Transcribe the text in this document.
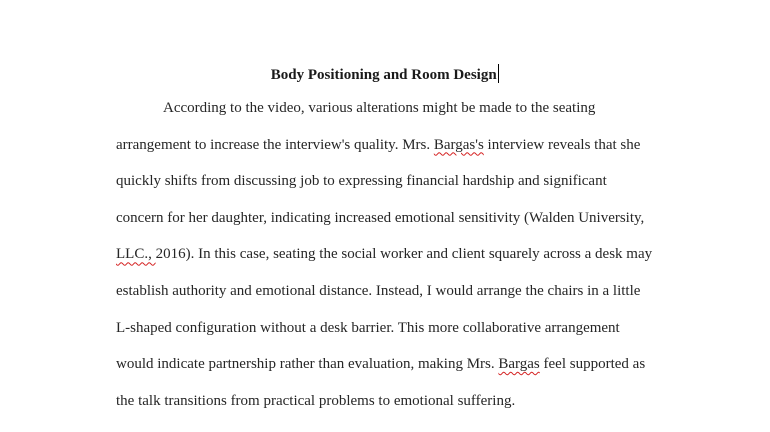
Body Positioning and Room Design
According to the video, various alterations might be made to the seating
arrangement to increase the interview's quality. Mrs. Bargas's interview reveals that she
quickly shifts from discussing job to expressing financial hardship and significant
concern for her daughter, indicating increased emotional sensitivity (Walden University,
LLC., 2016). In this case, seating the social worker and client squarely across a desk may
establish authority and emotional distance. Instead, I would arrange the chairs in a little
L-shaped configuration without a desk barrier. This more collaborative arrangement
would indicate partnership rather than evaluation, making Mrs. Bargas feel supported as
the talk transitions from practical problems to emotional suffering.
